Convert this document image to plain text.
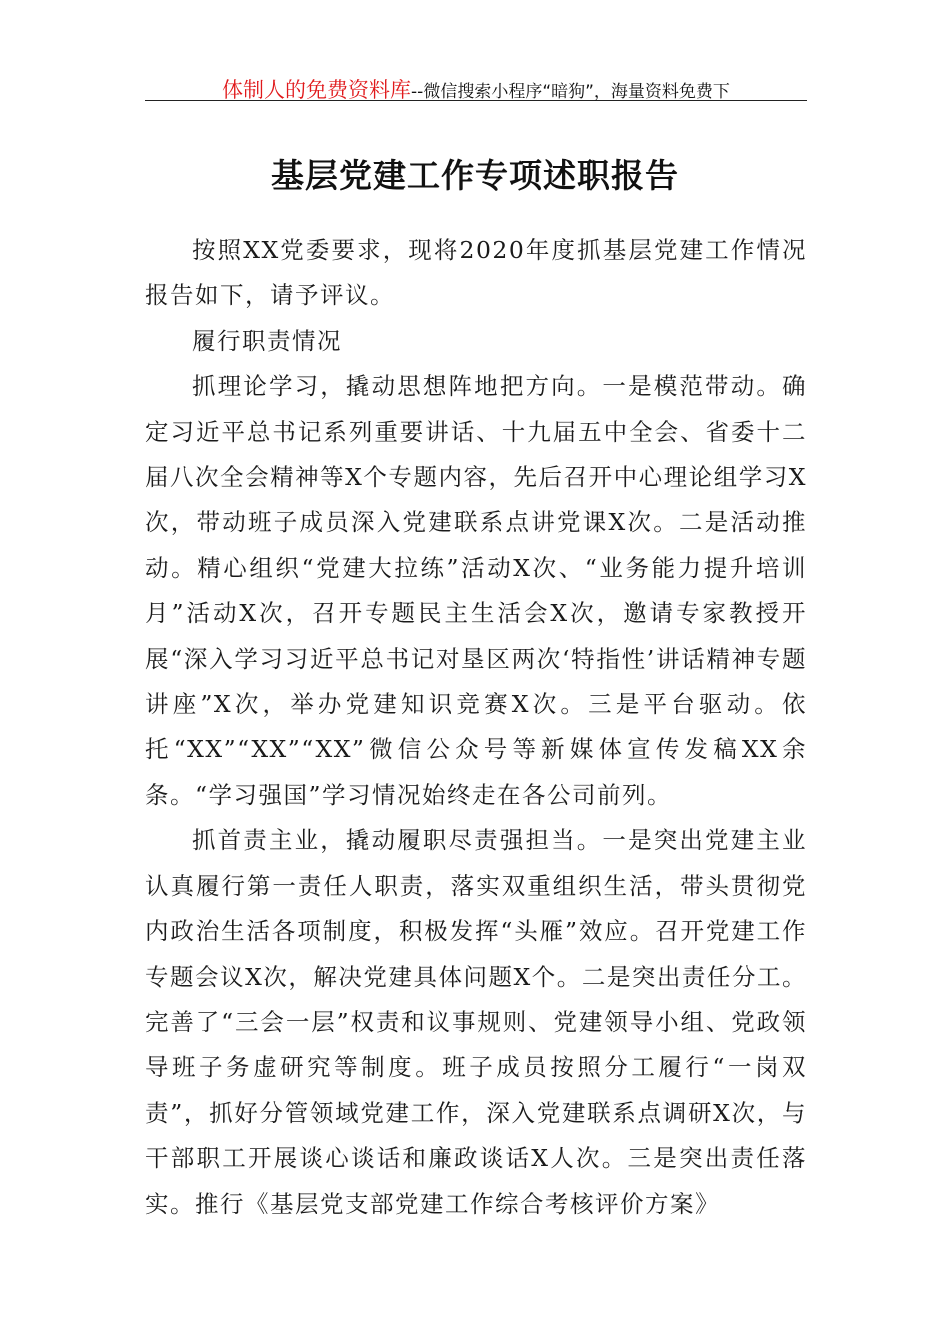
体制人的免费资料库--微信搜索小程序“暗狗”，海量资料免费下
基层党建工作专项述职报告

按照XX党委要求，现将2020年度抓基层党建工作情况报告如下，请予评议。

履行职责情况

抓理论学习，撬动思想阵地把方向。一是模范带动。确定习近平总书记系列重要讲话、十九届五中全会、省委十二届八次全会精神等X个专题内容，先后召开中心理论组学习X次，带动班子成员深入党建联系点讲党课X次。二是活动推动。精心组织“党建大拉练”活动X次、“业务能力提升培训月”活动X次，召开专题民主生活会X次，邀请专家教授开展“深入学习习近平总书记对垦区两次‘特指性’讲话精神专题讲座”X次，举办党建知识竞赛X次。三是平台驱动。依托“XX”“XX”“XX”微信公众号等新媒体宣传发稿XX余条。“学习强国”学习情况始终走在各公司前列。

抓首责主业，撬动履职尽责强担当。一是突出党建主业认真履行第一责任人职责，落实双重组织生活，带头贯彻党内政治生活各项制度，积极发挥“头雁”效应。召开党建工作专题会议X次，解决党建具体问题X个。二是突出责任分工。完善了“三会一层”权责和议事规则、党建领导小组、党政领导班子务虚研究等制度。班子成员按照分工履行“一岗双责”，抓好分管领域党建工作，深入党建联系点调研X次，与干部职工开展谈心谈话和廉政谈话X人次。三是突出责任落实。推行《基层党支部党建工作综合考核评价方案》
